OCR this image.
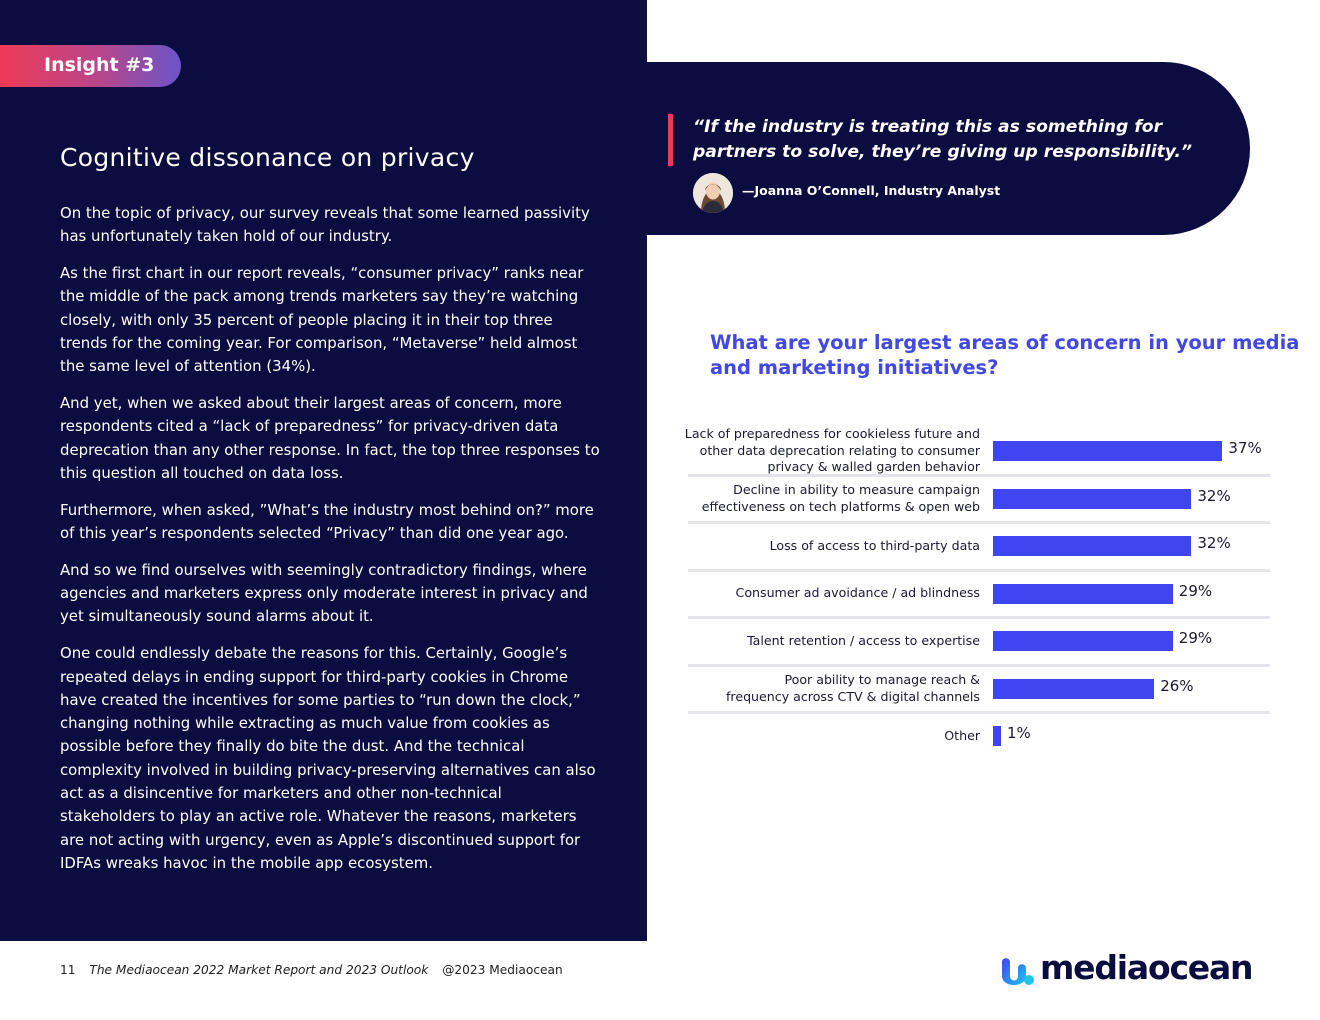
Insight #3
Cognitive dissonance on privacy

On the topic of privacy, our survey reveals that some learned passivity has unfortunately taken hold of our industry.

As the first chart in our report reveals, “consumer privacy” ranks near the middle of the pack among trends marketers say they’re watching closely, with only 35 percent of people placing it in their top three trends for the coming year. For comparison, “Metaverse” held almost the same level of attention (34%).

And yet, when we asked about their largest areas of concern, more respondents cited a “lack of preparedness” for privacy-driven data deprecation than any other response. In fact, the top three responses to this question all touched on data loss.

Furthermore, when asked, ”What’s the industry most behind on?” more of this year’s respondents selected “Privacy” than did one year ago.

And so we find ourselves with seemingly contradictory findings, where agencies and marketers express only moderate interest in privacy and yet simultaneously sound alarms about it.

One could endlessly debate the reasons for this. Certainly, Google’s repeated delays in ending support for third-party cookies in Chrome have created the incentives for some parties to “run down the clock,” changing nothing while extracting as much value from cookies as possible before they finally do bite the dust. And the technical complexity involved in building privacy-preserving alternatives can also act as a disincentive for marketers and other non-technical stakeholders to play an active role. Whatever the reasons, marketers are not acting with urgency, even as Apple’s discontinued support for IDFAs wreaks havoc in the mobile app ecosystem.

“If the industry is treating this as something for partners to solve, they’re giving up responsibility.”

—Joanna O’Connell, Industry Analyst
What are your largest areas of concern in your media and marketing initiatives?
Lack of preparedness for cookieless future and
other data deprecation relating to consumer
privacy & walled garden behavior
37%
Decline in ability to measure campaign
effectiveness on tech platforms & open web
32%
Loss of access to third-party data	32%
Consumer ad avoidance / ad blindness	29%
Talent retention / access to expertise	29%
Poor ability to manage reach &
frequency across CTV & digital channels
26%
Other 1%
11 The Mediaocean 2022 Market Report and 2023 Outlook @2023 Mediaocean	mediaocean
